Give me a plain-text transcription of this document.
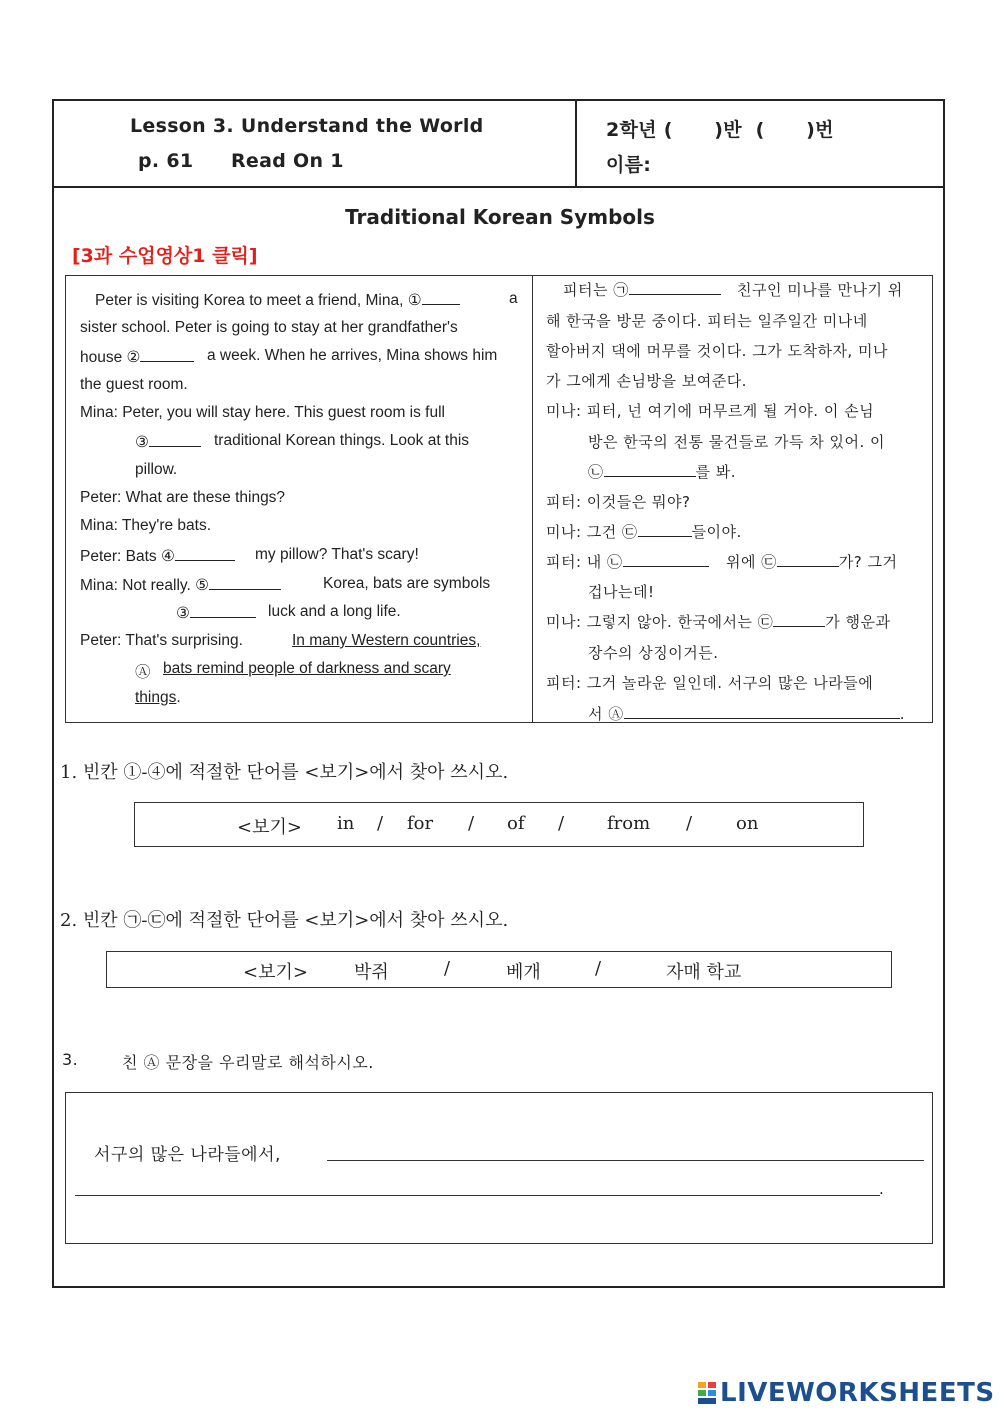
Lesson 3. Understand the World
p. 61 Read On 1
2학년 (      )반  (      )번
이름:
Traditional Korean Symbols
[3과 수업영상1 클릭]
Peter is visiting Korea to meet a friend, Mina, ①	a
sister school. Peter is going to stay at her grandfather's
house ②	a week. When he arrives, Mina shows him
the guest room.
Mina: Peter, you will stay here. This guest room is full
③	traditional Korean things. Look at this
pillow.
Peter: What are these things?
Mina: They're bats.
Peter: Bats ④	my pillow? That's scary!
Mina: Not really. ⑤	Korea, bats are symbols
③	luck and a long life.
Peter: That's surprising.	In many Western countries,
Ⓐ bats remind people of darkness and scary
things.
피터는 ㉠	친구인 미나를 만나기 위
해 한국을 방문 중이다. 피터는 일주일간 미나네
할아버지 댁에 머무를 것이다. 그가 도착하자, 미나
가 그에게 손님방을 보여준다.
미나: 피터, 넌 여기에 머무르게 될 거야. 이 손님
방은 한국의 전통 물건들로 가득 차 있어. 이
㉡	를 봐.
피터: 이것들은 뭐야?
미나: 그건 ㉢	들이야.
피터: 내 ㉡	위에 ㉢	가? 그거
겁나는데!
미나: 그렇지 않아. 한국에서는 ㉢	가 행운과
장수의 상징이거든.
피터: 그거 놀라운 일인데. 서구의 많은 나라들에
서 Ⓐ	.
1. 빈칸 ①-④에 적절한 단어를 <보기>에서 찾아 쓰시오.
<보기> in / for / of / from / on
2. 빈칸 ㉠-㉢에 적절한 단어를 <보기>에서 찾아 쓰시오.
<보기>	박쥐	/	베개	/	자매 학교
3.	친 Ⓐ 문장을 우리말로 해석하시오.
서구의 많은 나라들에서,
.
LIVEWORKSHEETS
